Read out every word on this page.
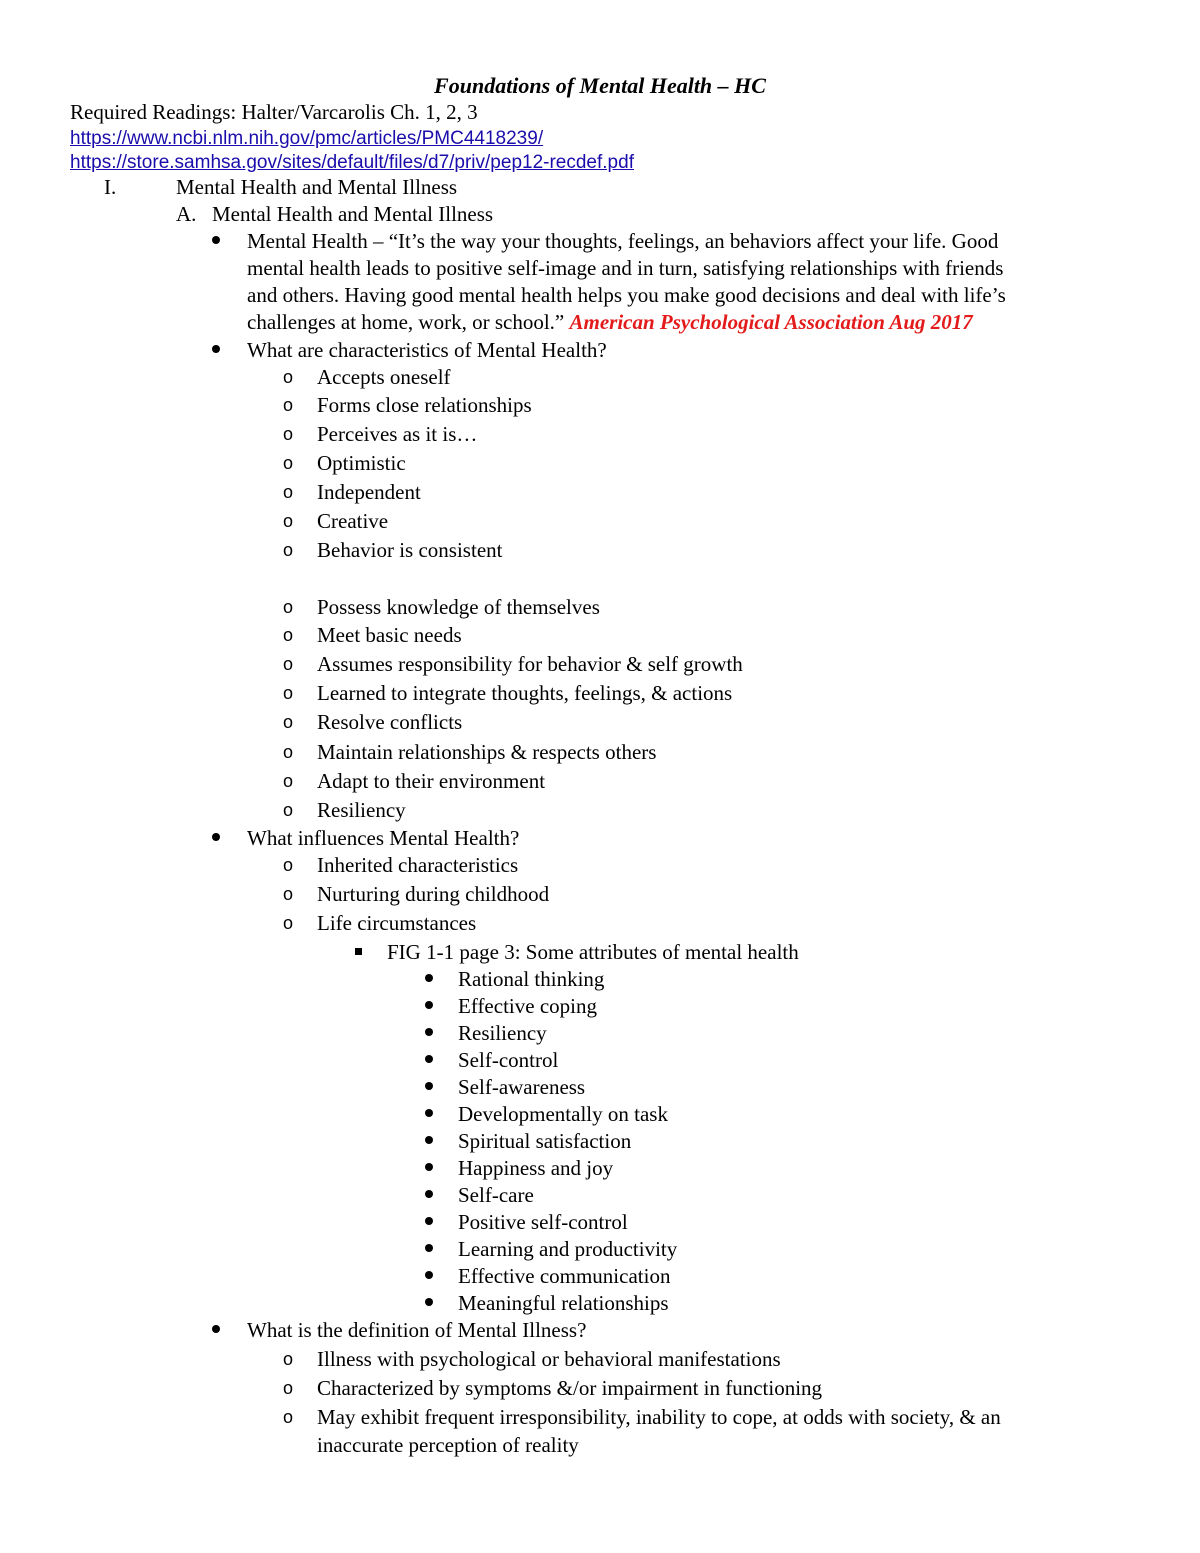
Foundations of Mental Health – HC
Required Readings: Halter/Varcarolis Ch. 1, 2, 3
https://www.ncbi.nlm.nih.gov/pmc/articles/PMC4418239/
https://store.samhsa.gov/sites/default/files/d7/priv/pep12-recdef.pdf
I.	Mental Health and Mental Illness
A. Mental Health and Mental Illness
Mental Health – “It’s the way your thoughts, feelings, an behaviors affect your life. Good
mental health leads to positive self-image and in turn, satisfying relationships with friends
and others. Having good mental health helps you make good decisions and deal with life’s
challenges at home, work, or school.” American Psychological Association Aug 2017
What are characteristics of Mental Health?
o Accepts oneself
o Forms close relationships
o Perceives as it is…
o Optimistic
o Independent
o Creative
o Behavior is consistent
o Possess knowledge of themselves
o Meet basic needs
o Assumes responsibility for behavior & self growth
o Learned to integrate thoughts, feelings, & actions
o Resolve conflicts
o Maintain relationships & respects others
o Adapt to their environment
o Resiliency
What influences Mental Health?
o Inherited characteristics
o Nurturing during childhood
o Life circumstances
FIG 1-1 page 3: Some attributes of mental health
Rational thinking
Effective coping
Resiliency
Self-control
Self-awareness
Developmentally on task
Spiritual satisfaction
Happiness and joy
Self-care
Positive self-control
Learning and productivity
Effective communication
Meaningful relationships
What is the definition of Mental Illness?
o Illness with psychological or behavioral manifestations
o Characterized by symptoms &/or impairment in functioning
o May exhibit frequent irresponsibility, inability to cope, at odds with society, & an
inaccurate perception of reality
